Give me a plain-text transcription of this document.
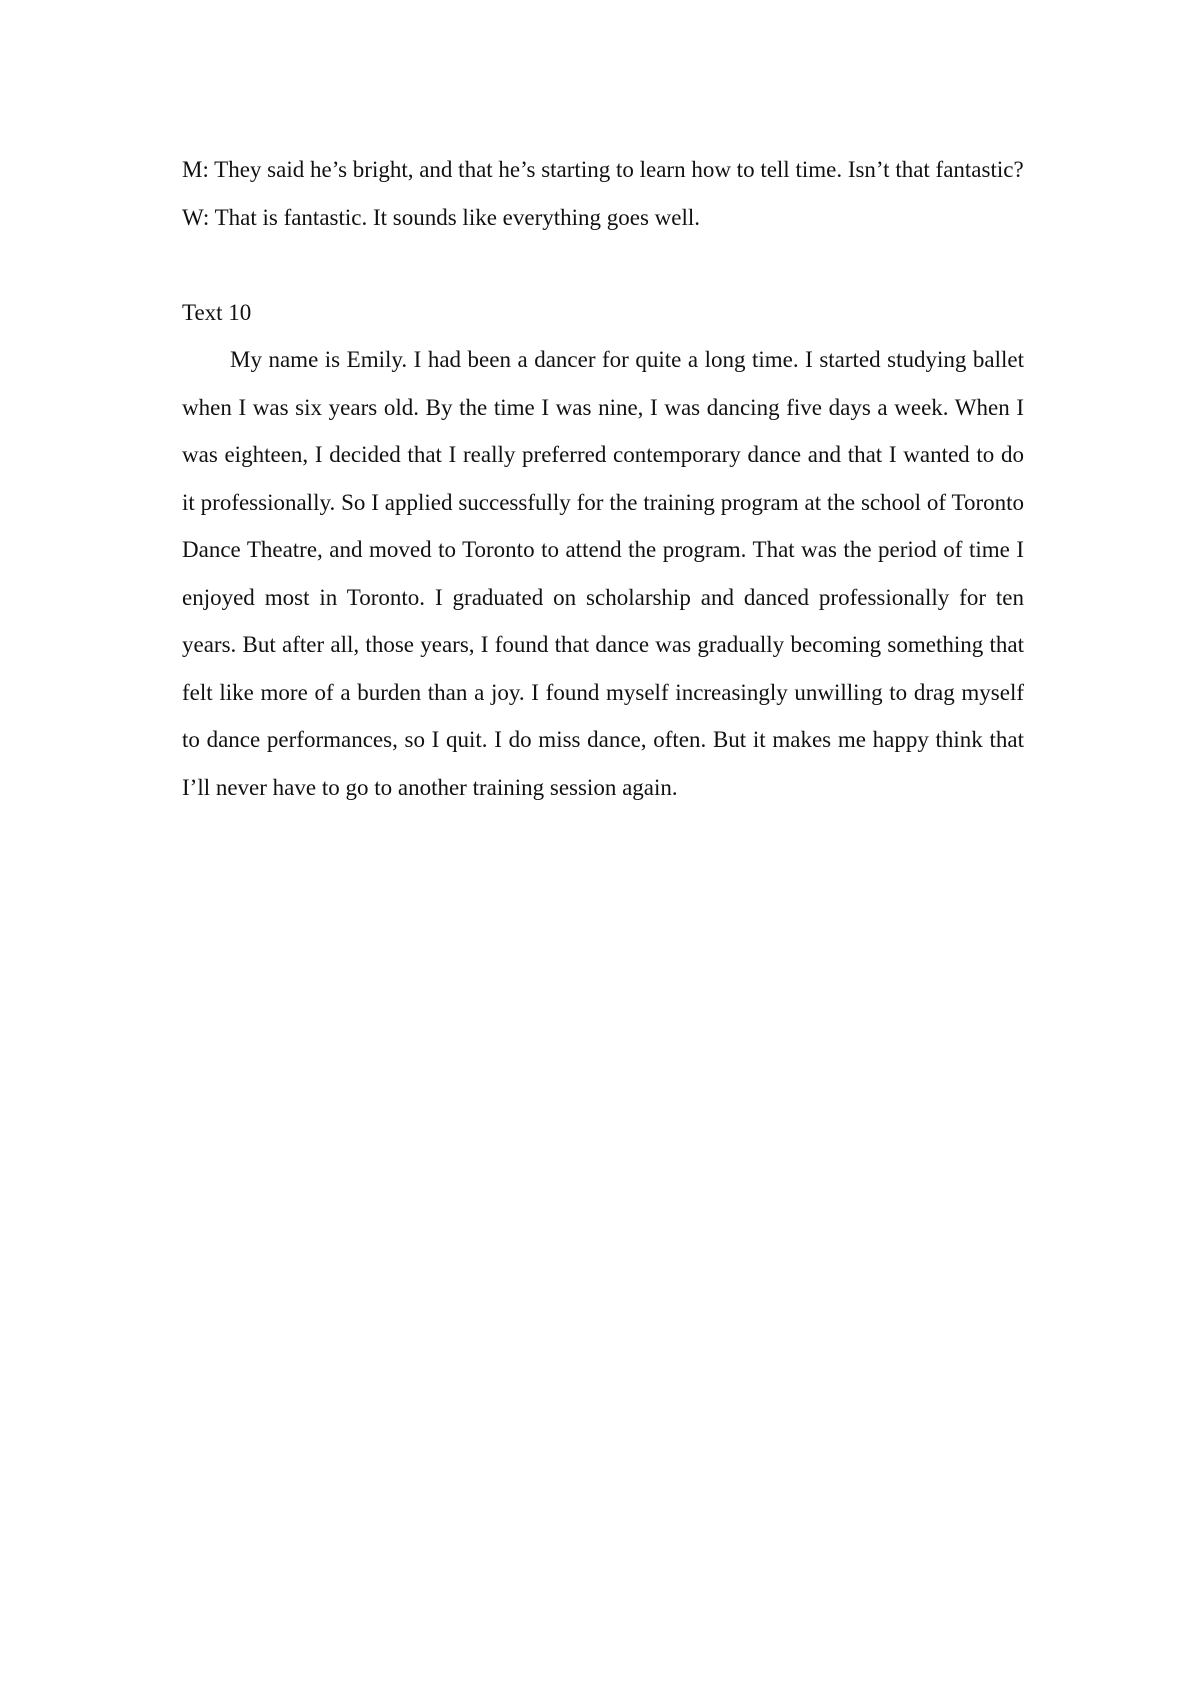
M: They said he’s bright, and that he’s starting to learn how to tell time. Isn’t that fantastic?

W: That is fantastic. It sounds like everything goes well.

Text 10

My name is Emily. I had been a dancer for quite a long time. I started studying ballet when I was six years old. By the time I was nine, I was dancing five days a week. When I was eighteen, I decided that I really preferred contemporary dance and that I wanted to do it professionally. So I applied successfully for the training program at the school of Toronto Dance Theatre, and moved to Toronto to attend the program. That was the period of time I enjoyed most in Toronto. I graduated on scholarship and danced professionally for ten years. But after all, those years, I found that dance was gradually becoming something that felt like more of a burden than a joy. I found myself increasingly unwilling to drag myself to dance performances, so I quit. I do miss dance, often. But it makes me happy think that I’ll never have to go to another training session again.
